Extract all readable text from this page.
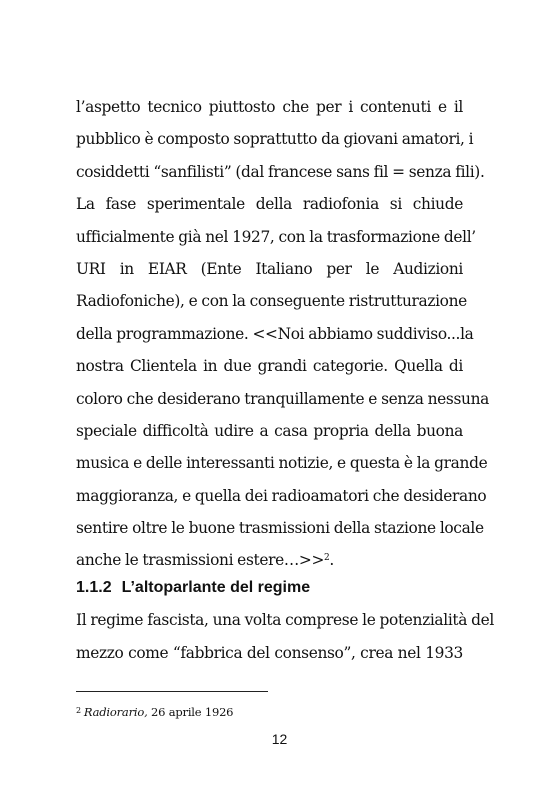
l’aspetto tecnico piuttosto che per i contenuti e il
pubblico è composto soprattutto da giovani amatori, i
cosiddetti “sanfilisti” (dal francese sans fil = senza fili).
La fase sperimentale della radiofonia si chiude
ufficialmente già nel 1927, con la trasformazione dell’
URI in EIAR (Ente Italiano per le Audizioni
Radiofoniche), e con la conseguente ristrutturazione
della programmazione. <<Noi abbiamo suddiviso...la
nostra Clientela in due grandi categorie. Quella di
coloro che desiderano tranquillamente e senza nessuna
speciale difficoltà udire a casa propria della buona
musica e delle interessanti notizie, e questa è la grande
maggioranza, e quella dei radioamatori che desiderano
sentire oltre le buone trasmissioni della stazione locale
anche le trasmissioni estere…>>$^2$.
1.1.2 L’altoparlante del regime
Il regime fascista, una volta comprese le potenzialità del
mezzo come “fabbrica del consenso”, crea nel 1933
$^2$ Radiorario, 26 aprile 1926
12
